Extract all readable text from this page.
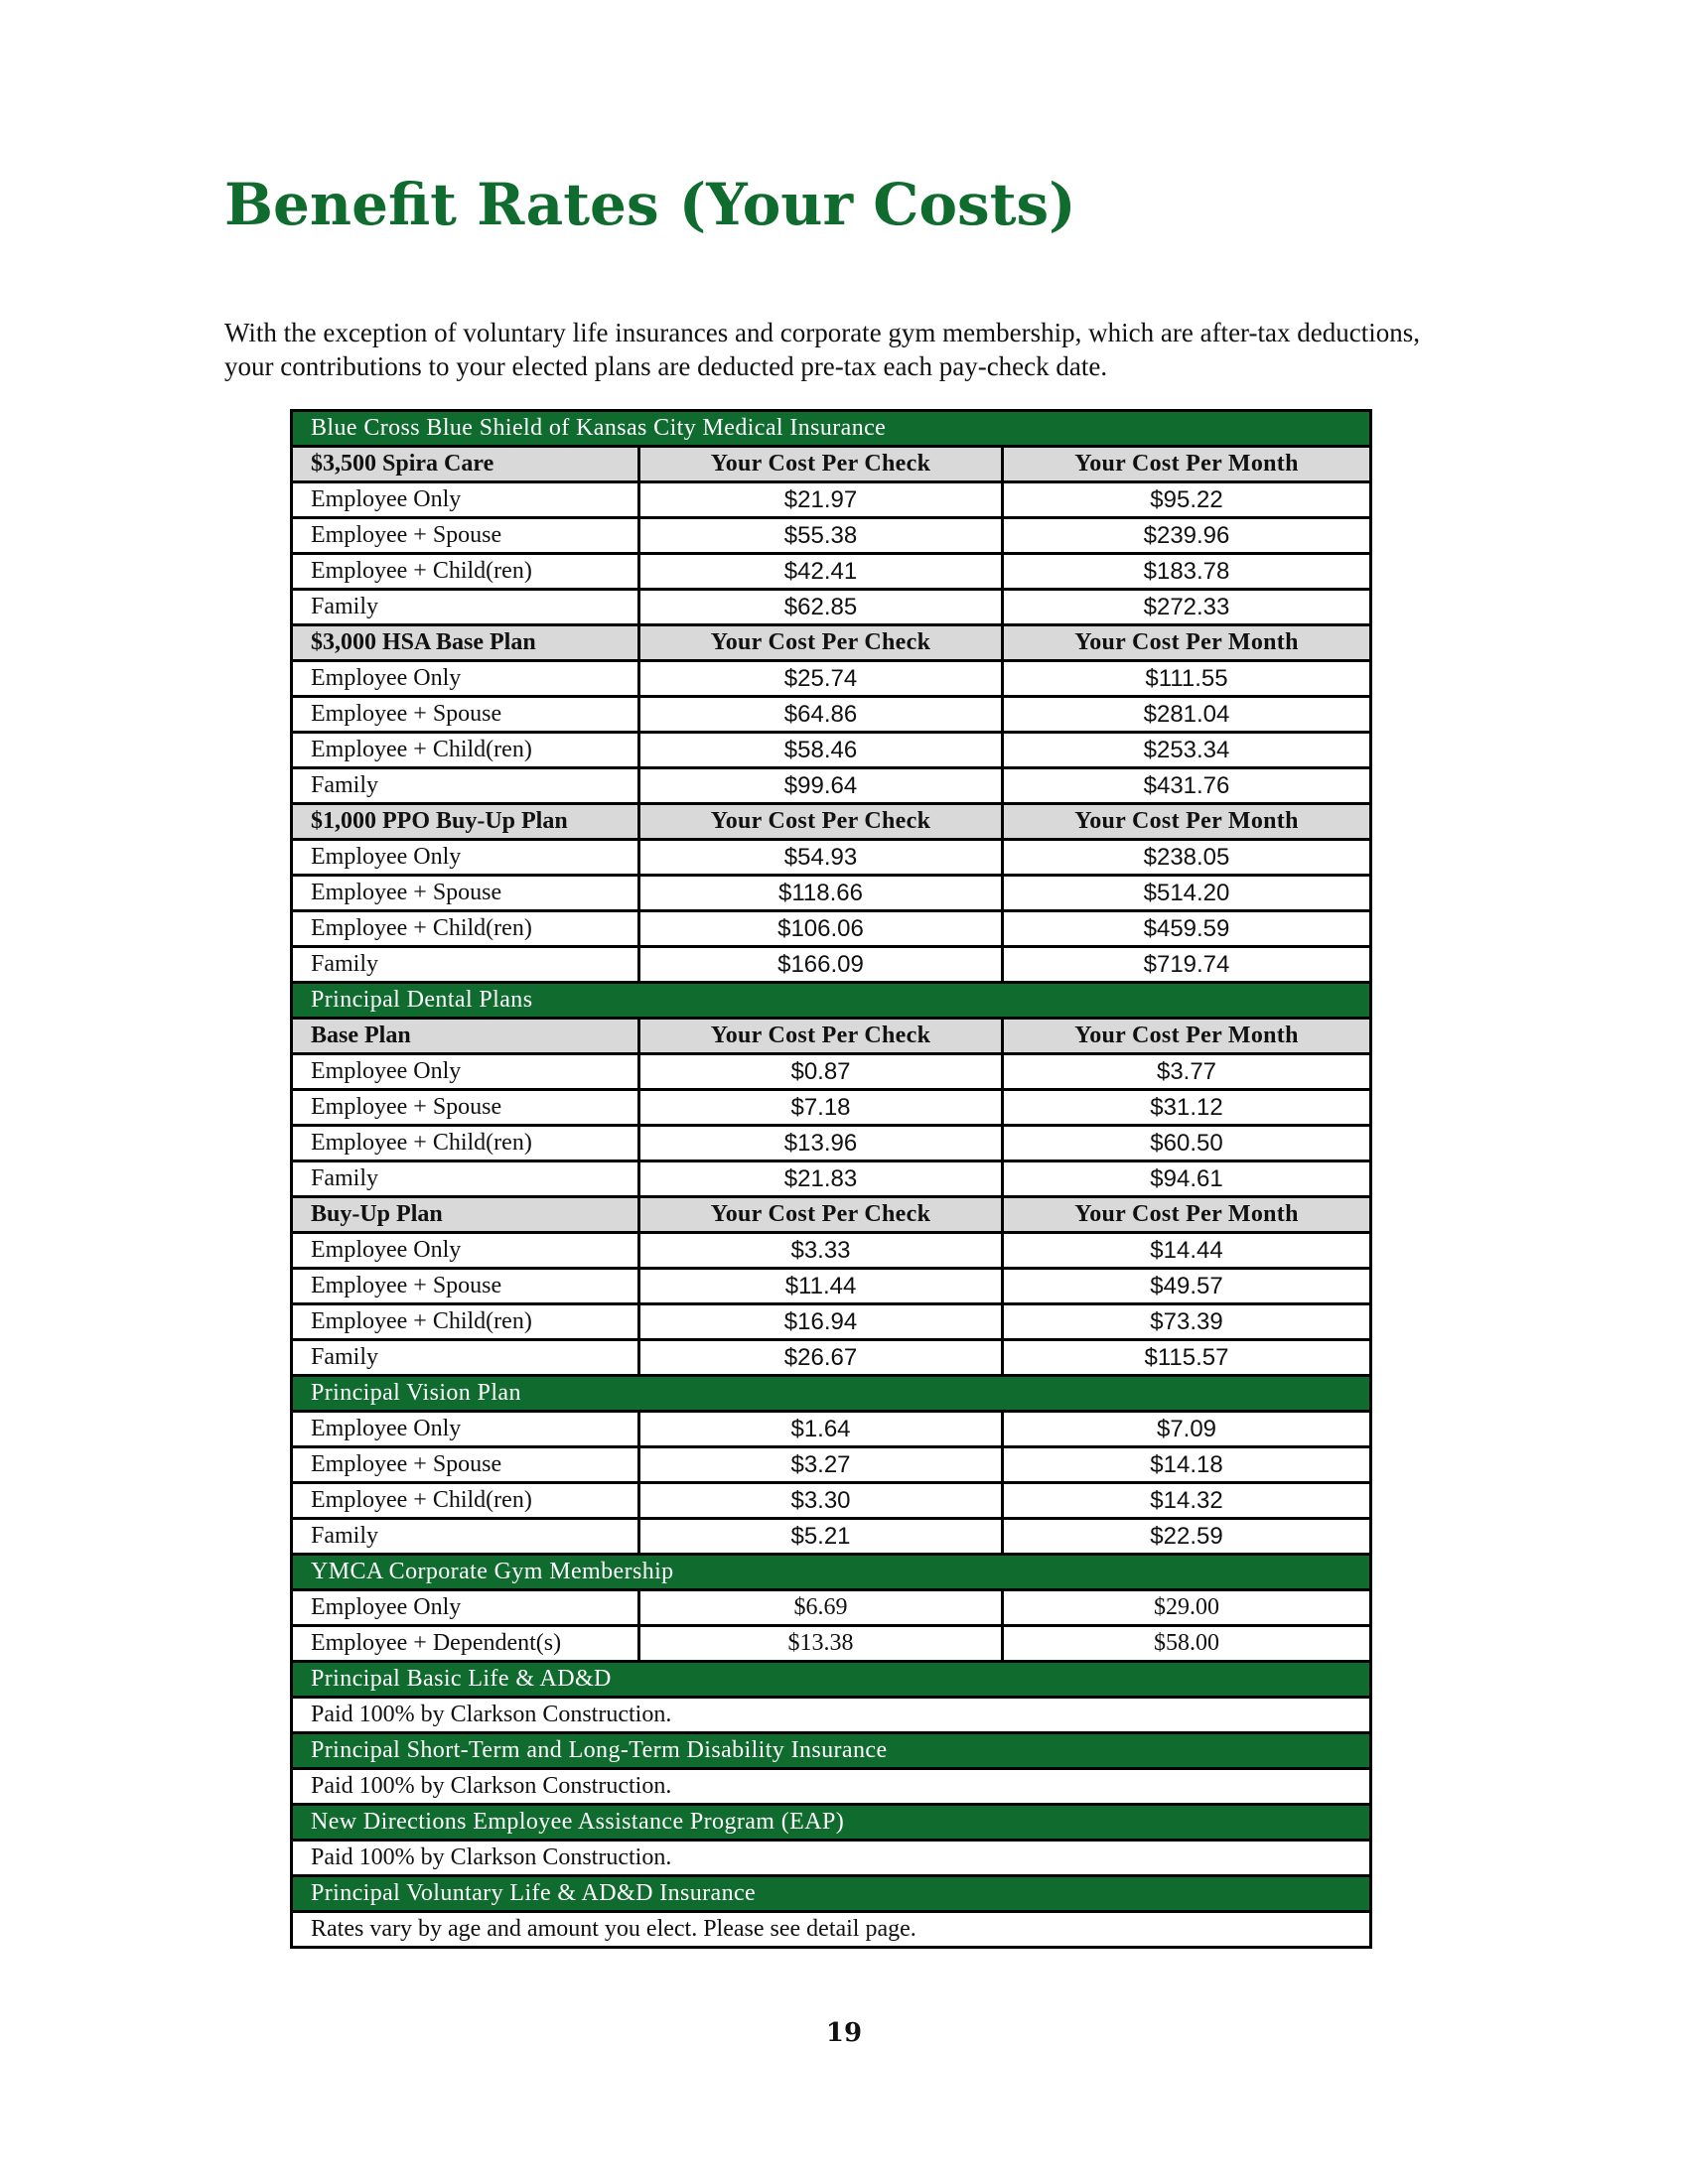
Benefit Rates (Your Costs)

With the exception of voluntary life insurances and corporate gym membership, which are after-tax deductions, your contributions to your elected plans are deducted pre-tax each pay-check date.

Blue Cross Blue Shield of Kansas City Medical Insurance		
$3,500 Spira Care	Your Cost Per Check	Your Cost Per Month
Employee Only	$21.97	$95.22
Employee + Spouse	$55.38	$239.96
Employee + Child(ren)	$42.41	$183.78
Family	$62.85	$272.33
$3,000 HSA Base Plan	Your Cost Per Check	Your Cost Per Month
Employee Only	$25.74	$111.55
Employee + Spouse	$64.86	$281.04
Employee + Child(ren)	$58.46	$253.34
Family	$99.64	$431.76
$1,000 PPO Buy-Up Plan	Your Cost Per Check	Your Cost Per Month
Employee Only	$54.93	$238.05
Employee + Spouse	$118.66	$514.20
Employee + Child(ren)	$106.06	$459.59
Family	$166.09	$719.74
Principal Dental Plans		
Base Plan	Your Cost Per Check	Your Cost Per Month
Employee Only	$0.87	$3.77
Employee + Spouse	$7.18	$31.12
Employee + Child(ren)	$13.96	$60.50
Family	$21.83	$94.61
Buy-Up Plan	Your Cost Per Check	Your Cost Per Month
Employee Only	$3.33	$14.44
Employee + Spouse	$11.44	$49.57
Employee + Child(ren)	$16.94	$73.39
Family	$26.67	$115.57
Principal Vision Plan		
Employee Only	$1.64	$7.09
Employee + Spouse	$3.27	$14.18
Employee + Child(ren)	$3.30	$14.32
Family	$5.21	$22.59
YMCA Corporate Gym Membership		
Employee Only	$6.69	$29.00
Employee + Dependent(s)	$13.38	$58.00
Principal Basic Life & AD&D		
Paid 100% by Clarkson Construction.		
Principal Short-Term and Long-Term Disability Insurance		
Paid 100% by Clarkson Construction.		
New Directions Employee Assistance Program (EAP)		
Paid 100% by Clarkson Construction.		
Principal Voluntary Life & AD&D Insurance		
Rates vary by age and amount you elect. Please see detail page.		

19
